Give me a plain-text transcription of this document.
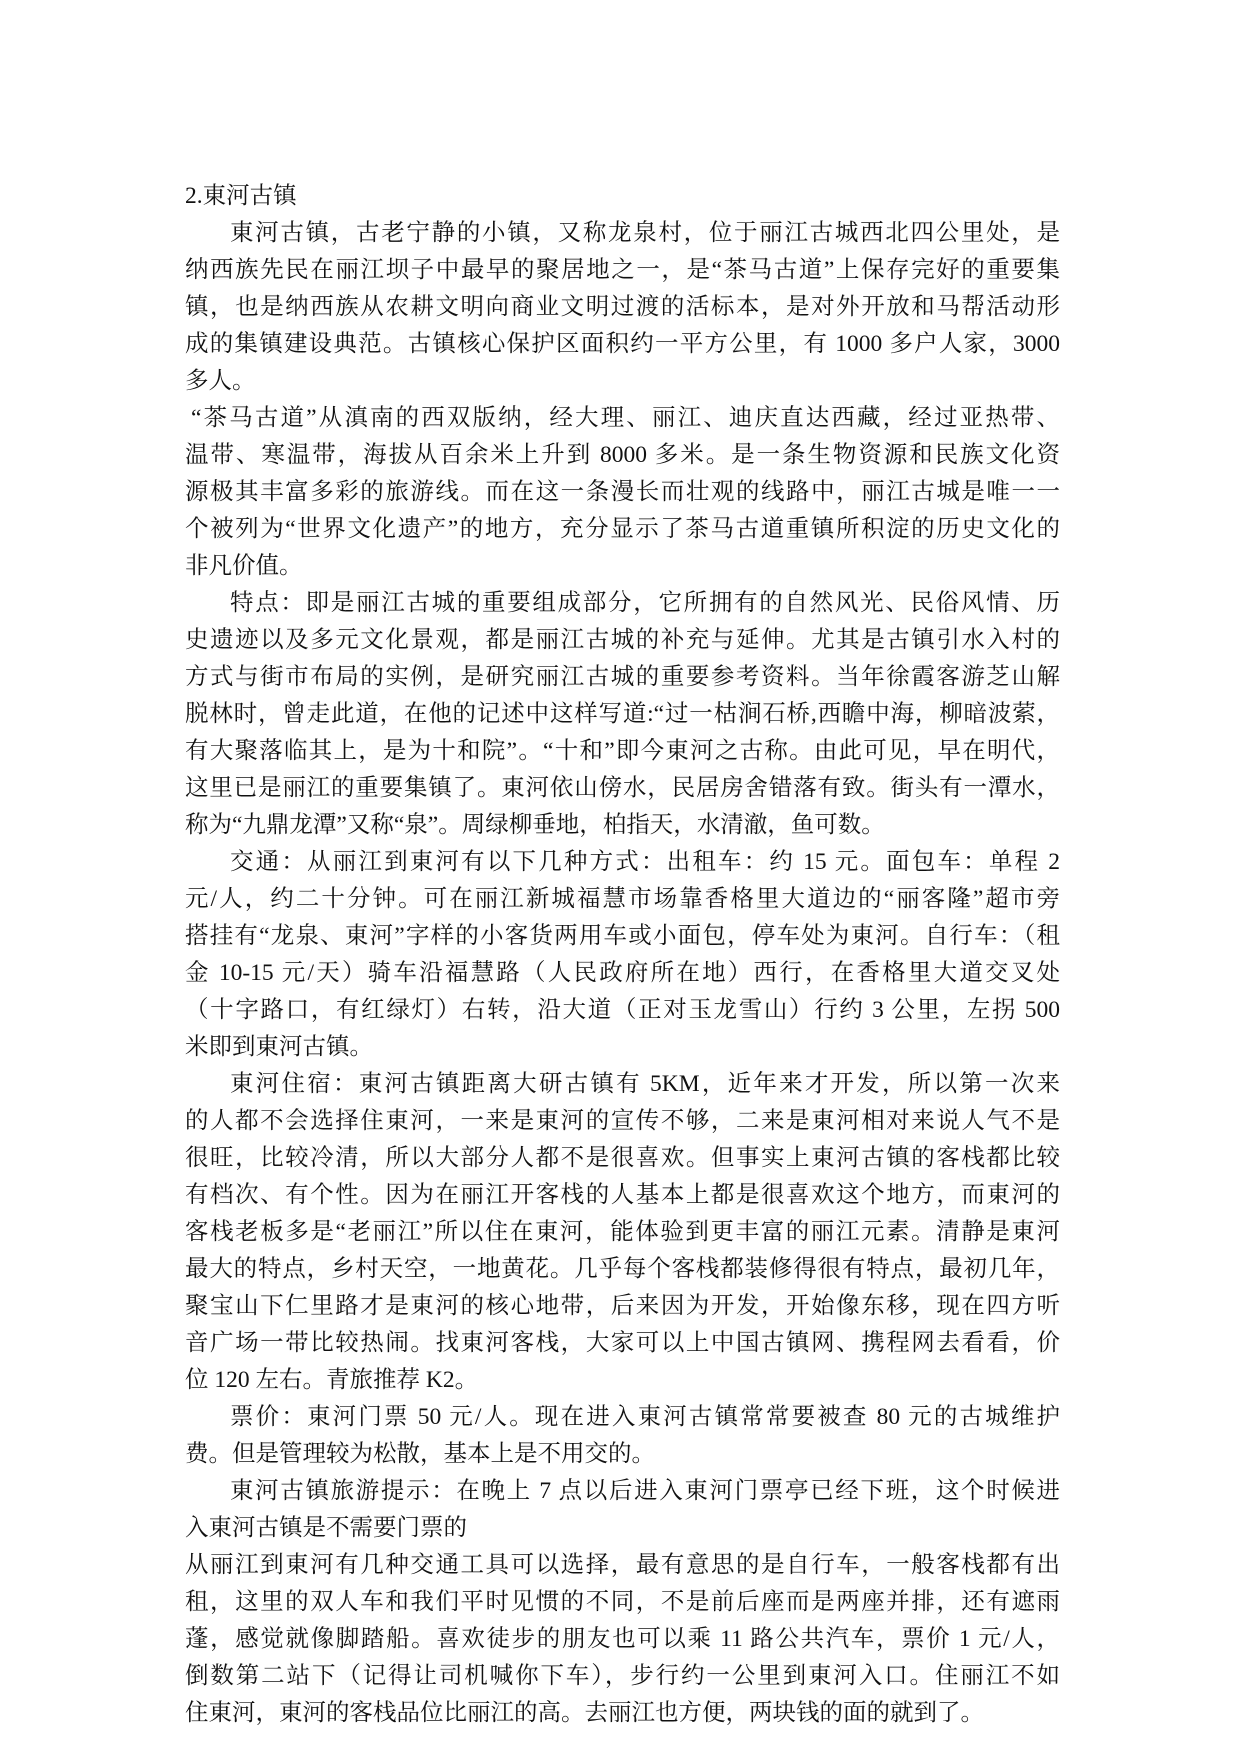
2.東河古镇
東河古镇，古老宁静的小镇，又称龙泉村，位于丽江古城西北四公里处，是
纳西族先民在丽江坝子中最早的聚居地之一，是“茶马古道”上保存完好的重要集
镇，也是纳西族从农耕文明向商业文明过渡的活标本，是对外开放和马帮活动形
成的集镇建设典范。古镇核心保护区面积约一平方公里，有 1000 多户人家，3000
多人。
“茶马古道”从滇南的西双版纳，经大理、丽江、迪庆直达西藏，经过亚热带、
温带、寒温带，海拔从百余米上升到 8000 多米。是一条生物资源和民族文化资
源极其丰富多彩的旅游线。而在这一条漫长而壮观的线路中，丽江古城是唯一一
个被列为“世界文化遗产”的地方，充分显示了茶马古道重镇所积淀的历史文化的
非凡价值。
特点：即是丽江古城的重要组成部分，它所拥有的自然风光、民俗风情、历
史遗迹以及多元文化景观，都是丽江古城的补充与延伸。尤其是古镇引水入村的
方式与街市布局的实例，是研究丽江古城的重要参考资料。当年徐霞客游芝山解
脱林时，曾走此道，在他的记述中这样写道:“过一枯涧石桥,西瞻中海，柳暗波萦，
有大聚落临其上，是为十和院”。“十和”即今東河之古称。由此可见，早在明代，
这里已是丽江的重要集镇了。東河依山傍水，民居房舍错落有致。街头有一潭水，
称为“九鼎龙潭”又称“泉”。周绿柳垂地，柏指天，水清澈，鱼可数。
交通：从丽江到東河有以下几种方式：出租车：约 15 元。面包车：单程 2
元/人，约二十分钟。可在丽江新城福慧市场靠香格里大道边的“丽客隆”超市旁
搭挂有“龙泉、東河”字样的小客货两用车或小面包，停车处为東河。自行车：（租
金 10-15 元/天）骑车沿福慧路（人民政府所在地）西行，在香格里大道交叉处
（十字路口，有红绿灯）右转，沿大道（正对玉龙雪山）行约 3 公里，左拐 500
米即到東河古镇。
東河住宿：東河古镇距离大研古镇有 5KM，近年来才开发，所以第一次来
的人都不会选择住東河，一来是東河的宣传不够，二来是東河相对来说人气不是
很旺，比较冷清，所以大部分人都不是很喜欢。但事实上東河古镇的客栈都比较
有档次、有个性。因为在丽江开客栈的人基本上都是很喜欢这个地方，而東河的
客栈老板多是“老丽江”所以住在東河，能体验到更丰富的丽江元素。清静是東河
最大的特点，乡村天空，一地黄花。几乎每个客栈都装修得很有特点，最初几年，
聚宝山下仁里路才是東河的核心地带，后来因为开发，开始像东移，现在四方听
音广场一带比较热闹。找東河客栈，大家可以上中国古镇网、携程网去看看，价
位 120 左右。青旅推荐 K2。
票价：東河门票 50 元/人。现在进入東河古镇常常要被查 80 元的古城维护
费。但是管理较为松散，基本上是不用交的。
東河古镇旅游提示：在晚上 7 点以后进入東河门票亭已经下班，这个时候进
入東河古镇是不需要门票的
从丽江到東河有几种交通工具可以选择，最有意思的是自行车，一般客栈都有出
租，这里的双人车和我们平时见惯的不同，不是前后座而是两座并排，还有遮雨
蓬，感觉就像脚踏船。喜欢徒步的朋友也可以乘 11 路公共汽车，票价 1 元/人，
倒数第二站下（记得让司机喊你下车），步行约一公里到東河入口。住丽江不如
住東河，東河的客栈品位比丽江的高。去丽江也方便，两块钱的面的就到了。
